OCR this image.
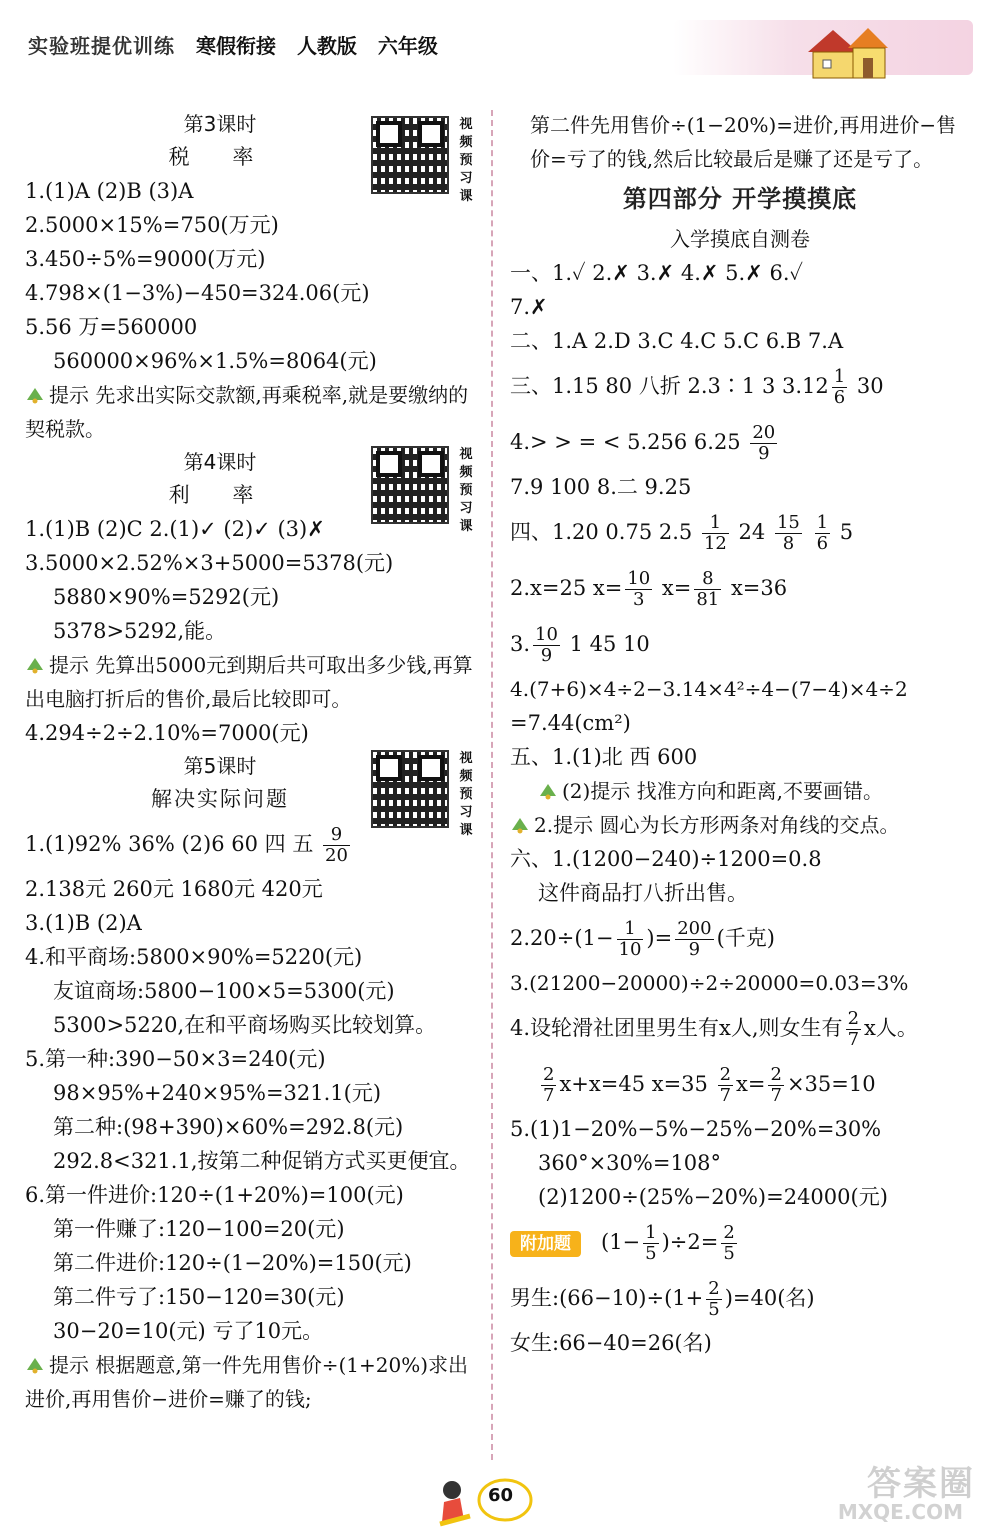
实验班提优训练 寒假衔接 人教版 六年级
视频预习课
第3课时
税 率
1.(1)A (2)B (3)A
2.5000×15%=750(万元)
3.450÷5%=9000(万元)
4.798×(1−3%)−450=324.06(元)
5.56 万=560000
560000×96%×1.5%=8064(元)
提示 先求出实际交款额,再乘税率,就是要缴纳的契税款。
视频预习课
第4课时
利 率
1.(1)B (2)C 2.(1)✓ (2)✓ (3)✗
3.5000×2.52%×3+5000=5378(元)
5880×90%=5292(元)
5378>5292,能。
提示 先算出5000元到期后共可取出多少钱,再算出电脑打折后的售价,最后比较即可。
4.294÷2÷2.10%=7000(元)
视频预习课
第5课时
解决实际问题
1.(1)92% 36% (2)6 60 四 五 $\frac{9}{20}$
2.138元 260元 1680元 420元
3.(1)B (2)A
4.和平商场:5800×90%=5220(元)
友谊商场:5800−100×5=5300(元)
5300>5220,在和平商场购买比较划算。
5.第一种:390−50×3=240(元)
98×95%+240×95%=321.1(元)
第二种:(98+390)×60%=292.8(元)
292.8<321.1,按第二种促销方式买更便宜。
6.第一件进价:120÷(1+20%)=100(元)
第一件赚了:120−100=20(元)
第二件进价:120÷(1−20%)=150(元)
第二件亏了:150−120=30(元)
30−20=10(元) 亏了10元。
提示 根据题意,第一件先用售价÷(1+20%)求出进价,再用售价−进价=赚了的钱;
第二件先用售价÷(1−20%)=进价,再用进价−售价=亏了的钱,然后比较最后是赚了还是亏了。
第四部分 开学摸摸底
入学摸底自测卷
一、1.✓ 2.✗ 3.✗ 4.✗ 5.✗ 6.✓
7.✗
二、1.A 2.D 3.C 4.C 5.C 6.B 7.A
三、1.15 80 八折 2.3∶1 3 $3.12 \frac{1}{6} 30$
4.> > = < 5.256 $6.25 \frac{20}{9}$
7.9 100 8.二 9.25
四、1.20 0.75 $2.5 \frac{1}{12} 24 \frac{15}{8}$
$\frac{1}{6} 5$
2.x=25 $x= \frac{10}{3} x= \frac{8}{81} x=36$
3. $\frac{10}{9} 1$ 45 10
4.(7+6)×4÷2−3.14×4²÷4−(7−4)×4÷2
=7.44(cm²)
五、1.(1)北 西 600
(2)提示 找准方向和距离,不要画错。
2.提示 圆心为长方形两条对角线的交点。
六、1.(1200−240)÷1200=0.8
这件商品打八折出售。
$2.20\div(1- \frac{1}{10}$ )= $\frac{200}{9}$ (千克)
3.(21200−20000)÷2÷20000=0.03=3%
4.设轮滑社团里男生有x人,则女生有 $\frac{2}{7}$ x人。
$\frac{2}{7} x+x=45$ $x=35 \frac{2}{7} x= \frac{2}{7} \times 35=10$
5.(1)1−20%−5%−25%−20%=30%
360°×30%=108°
(2)1200÷(25%−20%)=24000(元)
附加题 $(1- \frac{1}{5} )\div 2= \frac{2}{5}$
男生:(66−10)÷(1+ $\frac{2}{5} )=40$(名)
女生:66−40=26(名)
60	答案圈
MXQE.COM
